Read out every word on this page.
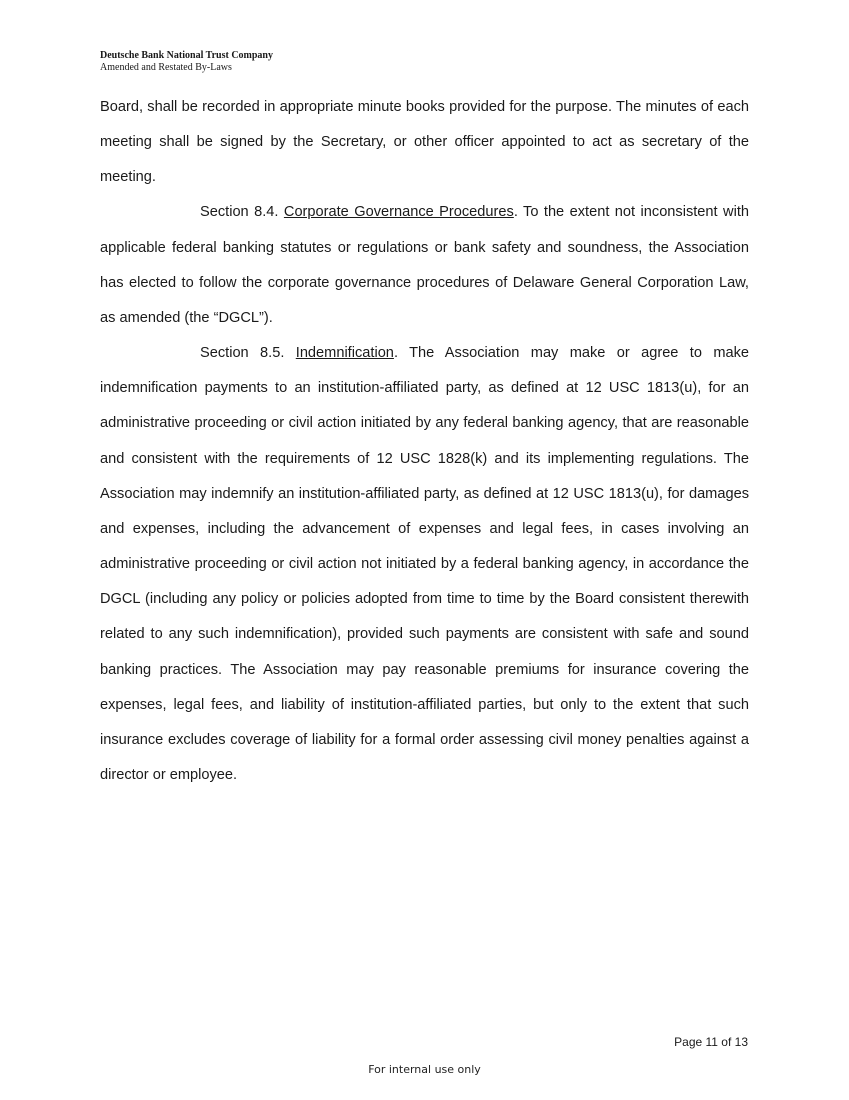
Deutsche Bank National Trust Company
Amended and Restated By-Laws

Board, shall be recorded in appropriate minute books provided for the purpose. The minutes of each meeting shall be signed by the Secretary, or other officer appointed to act as secretary of the meeting.

Section 8.4. Corporate Governance Procedures. To the extent not inconsistent with applicable federal banking statutes or regulations or bank safety and soundness, the Association has elected to follow the corporate governance procedures of Delaware General Corporation Law, as amended (the “DGCL”).

Section 8.5. Indemnification. The Association may make or agree to make indemnification payments to an institution-affiliated party, as defined at 12 USC 1813(u), for an administrative proceeding or civil action initiated by any federal banking agency, that are reasonable and consistent with the requirements of 12 USC 1828(k) and its implementing regulations. The Association may indemnify an institution-affiliated party, as defined at 12 USC 1813(u), for damages and expenses, including the advancement of expenses and legal fees, in cases involving an administrative proceeding or civil action not initiated by a federal banking agency, in accordance the DGCL (including any policy or policies adopted from time to time by the Board consistent therewith related to any such indemnification), provided such payments are consistent with safe and sound banking practices. The Association may pay reasonable premiums for insurance covering the expenses, legal fees, and liability of institution-affiliated parties, but only to the extent that such insurance excludes coverage of liability for a formal order assessing civil money penalties against a director or employee.

Page 11 of 13
For internal use only
